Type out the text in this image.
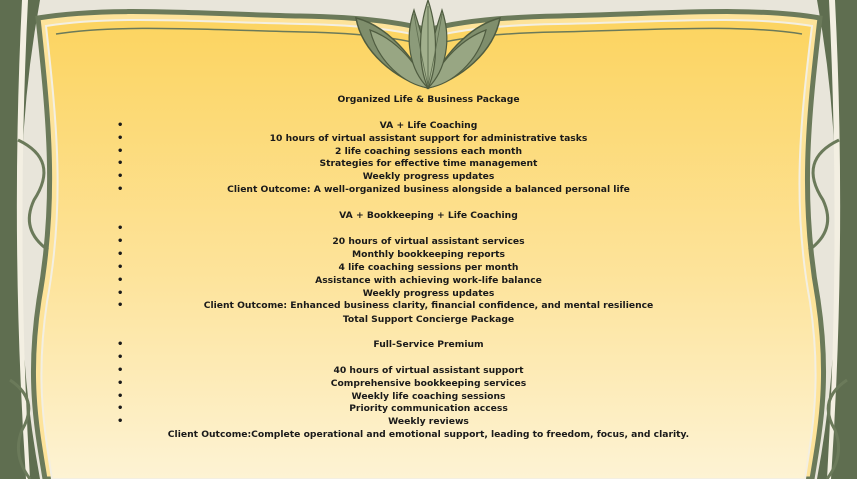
Organized Life & Business Package
•
VA + Life Coaching
•
10 hours of virtual assistant support for administrative tasks
•
2 life coaching sessions each month
•
Strategies for effective time management
•
Weekly progress updates
•
Client Outcome: A well-organized business alongside a balanced personal life
VA + Bookkeeping + Life Coaching
•
•
20 hours of virtual assistant services
•
Monthly bookkeeping reports
•
4 life coaching sessions per month
•
Assistance with achieving work-life balance
•
Weekly progress updates
•
Client Outcome: Enhanced business clarity, financial confidence, and mental resilience
Total Support Concierge Package
Full-Service Premium
•
•
•
40 hours of virtual assistant support
•
Comprehensive bookkeeping services
•
Weekly life coaching sessions
•
Priority communication access
•
Weekly reviews
Client Outcome:Complete operational and emotional support, leading to freedom, focus, and clarity.
